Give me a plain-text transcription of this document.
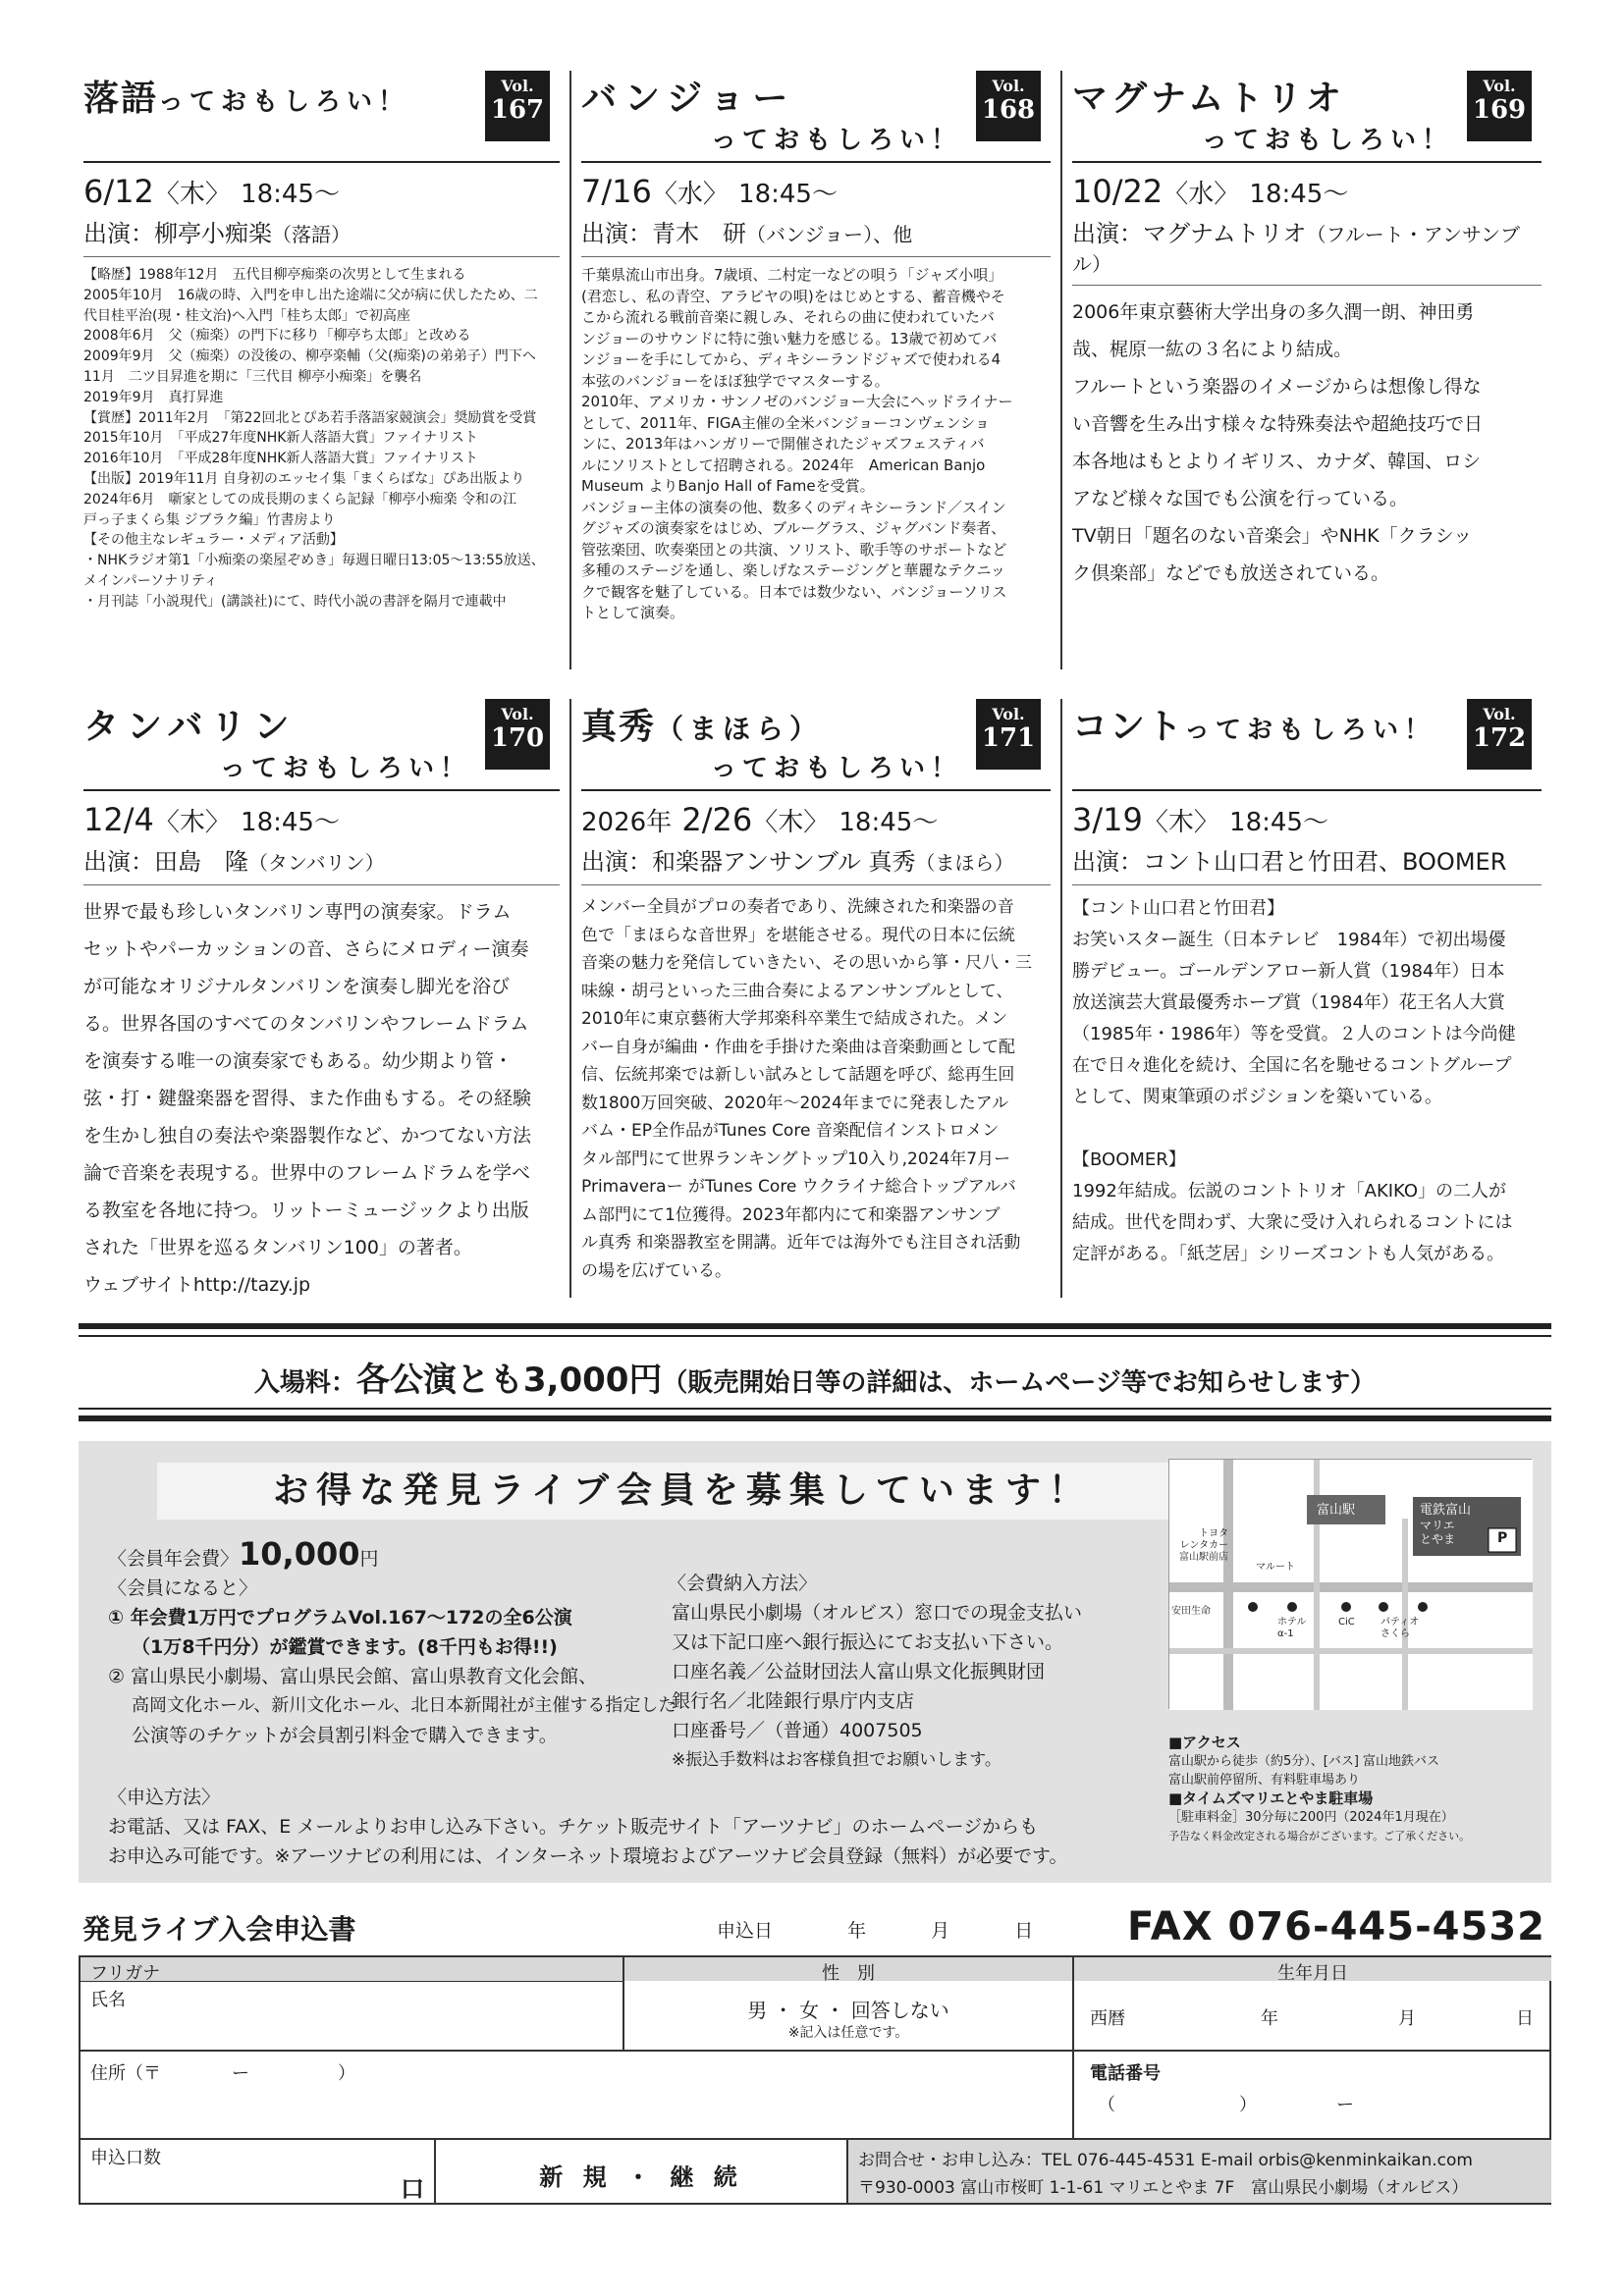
落語っておもしろい！
Vol.
167
6/12〈木〉 18:45〜
出演：柳亭小痴楽（落語）
【略歴】1988年12月　五代目柳亭痴楽の次男として生まれる
2005年10月　16歳の時、入門を申し出た途端に父が病に伏したため、二
代目桂平治(現・桂文治)へ入門「桂ち太郎」で初高座
2008年6月　父（痴楽）の門下に移り「柳亭ち太郎」と改める
2009年9月　父（痴楽）の没後の、柳亭楽輔（父(痴楽)の弟弟子）門下へ
11月　二ツ目昇進を期に「三代目 柳亭小痴楽」を襲名
2019年9月　真打昇進
【賞歴】2011年2月　「第22回北とぴあ若手落語家競演会」奨励賞を受賞
2015年10月　「平成27年度NHK新人落語大賞」ファイナリスト
2016年10月　「平成28年度NHK新人落語大賞」ファイナリスト
【出版】2019年11月 自身初のエッセイ集「まくらばな」ぴあ出版より
2024年6月　噺家としての成長期のまくら記録「柳亭小痴楽 令和の江
戸っ子まくら集 ジブラク編」竹書房より
【その他主なレギュラー・メディア活動】
・NHKラジオ第1「小痴楽の楽屋ぞめき」毎週日曜日13:05〜13:55放送、
メインパーソナリティ
・月刊誌「小説現代」(講談社)にて、時代小説の書評を隔月で連載中
バンジョー
っておもしろい！
Vol.
168
7/16〈水〉 18:45〜
出演：青木　研（バンジョー）、他
千葉県流山市出身。7歳頃、二村定一などの唄う「ジャズ小唄」
(君恋し、私の青空、アラビヤの唄)をはじめとする、蓄音機やそ
こから流れる戦前音楽に親しみ、それらの曲に使われていたバ
ンジョーのサウンドに特に強い魅力を感じる。13歳で初めてバ
ンジョーを手にしてから、ディキシーランドジャズで使われる4
本弦のバンジョーをほぼ独学でマスターする。
2010年、アメリカ・サンノゼのバンジョー大会にヘッドライナー
として、2011年、FIGA主催の全米バンジョーコンヴェンショ
ンに、2013年はハンガリーで開催されたジャズフェスティバ
ルにソリストとして招聘される。2024年　American Banjo
Museum よりBanjo Hall of Fameを受賞。
バンジョー主体の演奏の他、数多くのディキシーランド／スイン
グジャズの演奏家をはじめ、ブルーグラス、ジャグバンド奏者、
管弦楽団、吹奏楽団との共演、ソリスト、歌手等のサポートなど
多種のステージを通し、楽しげなステージングと華麗なテクニッ
クで観客を魅了している。日本では数少ない、バンジョーソリス
トとして演奏。
マグナムトリオ
っておもしろい！
Vol.
169
10/22〈水〉 18:45〜
出演：マグナムトリオ（フルート・アンサンブル）
2006年東京藝術大学出身の多久潤一朗、神田勇
哉、梶原一紘の３名により結成。
フルートという楽器のイメージからは想像し得な
い音響を生み出す様々な特殊奏法や超絶技巧で日
本各地はもとよりイギリス、カナダ、韓国、ロシ
アなど様々な国でも公演を行っている。
TV朝日「題名のない音楽会」やNHK「クラシッ
ク倶楽部」などでも放送されている。
タンバリン
っておもしろい！
Vol.
170
12/4〈木〉 18:45〜
出演：田島　隆（タンバリン）
世界で最も珍しいタンバリン専門の演奏家。ドラム
セットやパーカッションの音、さらにメロディー演奏
が可能なオリジナルタンバリンを演奏し脚光を浴び
る。世界各国のすべてのタンバリンやフレームドラム
を演奏する唯一の演奏家でもある。幼少期より管・
弦・打・鍵盤楽器を習得、また作曲もする。その経験
を生かし独自の奏法や楽器製作など、かつてない方法
論で音楽を表現する。世界中のフレームドラムを学べ
る教室を各地に持つ。リットーミュージックより出版
された「世界を巡るタンバリン100」の著者。
ウェブサイトhttp://tazy.jp
真秀（まほら）
っておもしろい！
Vol.
171
2026年 2/26〈木〉 18:45〜
出演：和楽器アンサンブル 真秀（まほら）
メンバー全員がプロの奏者であり、洗練された和楽器の音
色で「まほらな音世界」を堪能させる。現代の日本に伝統
音楽の魅力を発信していきたい、その思いから箏・尺八・三
味線・胡弓といった三曲合奏によるアンサンブルとして、
2010年に東京藝術大学邦楽科卒業生で結成された。メン
バー自身が編曲・作曲を手掛けた楽曲は音楽動画として配
信、伝統邦楽では新しい試みとして話題を呼び、総再生回
数1800万回突破、2020年〜2024年までに発表したアル
バム・EP全作品がTunes Core 音楽配信インストロメン
タル部門にて世界ランキングトップ10入り,2024年7月ー
Primaveraー がTunes Core ウクライナ総合トップアルバ
ム部門にて1位獲得。2023年都内にて和楽器アンサンブ
ル真秀 和楽器教室を開講。近年では海外でも注目され活動
の場を広げている。
コントっておもしろい！
Vol.
172
3/19〈木〉 18:45〜
出演：コント山口君と竹田君、BOOMER
【コント山口君と竹田君】
お笑いスター誕生（日本テレビ　1984年）で初出場優
勝デビュー。ゴールデンアロー新人賞（1984年）日本
放送演芸大賞最優秀ホープ賞（1984年）花王名人大賞
（1985年・1986年）等を受賞。２人のコントは今尚健
在で日々進化を続け、全国に名を馳せるコントグループ
として、関東筆頭のポジションを築いている。

【BOOMER】
1992年結成。伝説のコントトリオ「AKIKO」の二人が
結成。世代を問わず、大衆に受け入れられるコントには
定評がある。「紙芝居」シリーズコントも人気がある。
入場料：各公演とも3,000円（販売開始日等の詳細は、ホームページ等でお知らせします）
お得な発見ライブ会員を募集しています！
〈会員年会費〉10,000円
〈会員になると〉
① 年会費1万円でプログラムVol.167〜172の全6公演
（1万8千円分）が鑑賞できます。(8千円もお得!!)
② 富山県民小劇場、富山県民会館、富山県教育文化会館、
高岡文化ホール、新川文化ホール、北日本新聞社が主催する指定した
公演等のチケットが会員割引料金で購入できます。
〈会費納入方法〉
富山県民小劇場（オルビス）窓口での現金支払い
又は下記口座へ銀行振込にてお支払い下さい。
口座名義／公益財団法人富山県文化振興財団
銀行名／北陸銀行県庁内支店
口座番号／（普通）4007505
※振込手数料はお客様負担でお願いします。
〈申込方法〉
お電話、又は FAX、E メールよりお申し込み下さい。チケット販売サイト「アーツナビ」のホームページからも
お申込み可能です。※アーツナビの利用には、インターネット環境およびアーツナビ会員登録（無料）が必要です。
富山駅	電鉄富山
マリエ
とやま	P
トヨタ
レンタカー
富山駅前店
マルート
安田生命
ホテル
α-1
CiC	パティオ
さくら
■アクセス
富山駅から徒歩（約5分）、[バス] 富山地鉄バス
富山駅前停留所、有料駐車場あり
■タイムズマリエとやま駐車場
［駐車料金］30分毎に200円（2024年1月現在）
予告なく料金改定される場合がございます。ご了承ください。
発見ライブ入会申込書	申込日	年	月	日 FAX 076-445-4532
フリガナ
氏名
性　別
男 ・ 女 ・ 回答しない
※記入は任意です。
生年月日
西暦	年	月	日
住所（〒　　　　ー　　　　　）	電話番号
（　　　　　　　）　　　　　ー
申込口数
口	新 規 ・ 継 続
お問合せ・お申し込み：TEL 076-445-4531 E-mail orbis@kenminkaikan.com
〒930-0003 富山市桜町 1-1-61 マリエとやま 7F　富山県民小劇場（オルビス）
